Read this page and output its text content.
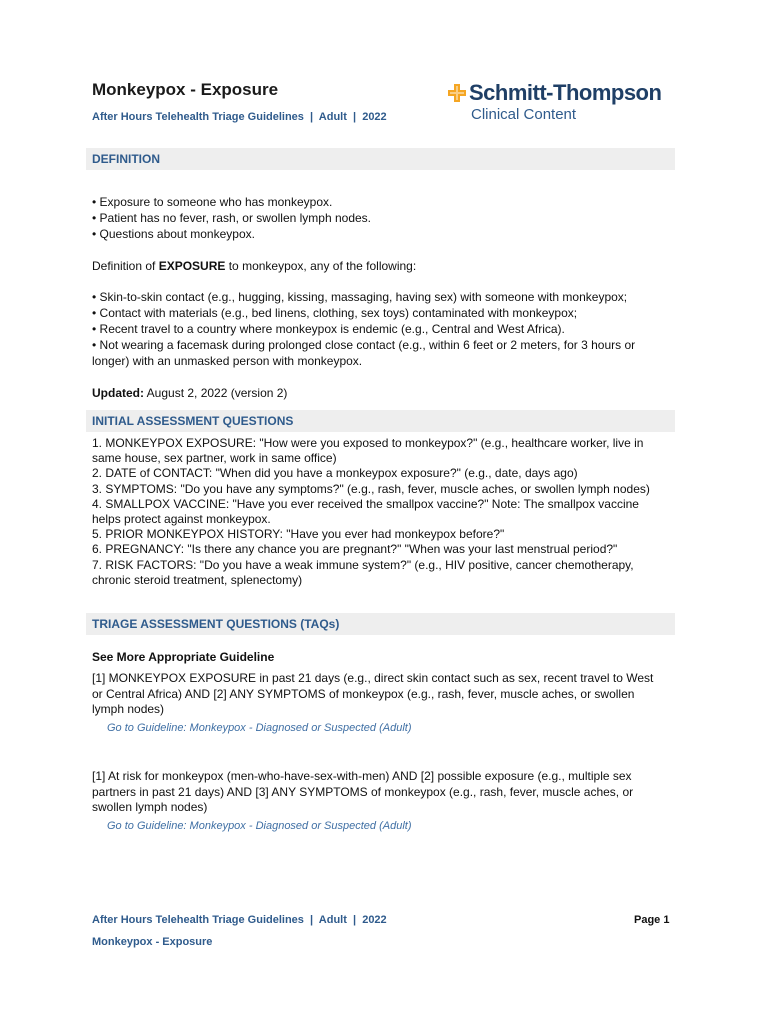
Monkeypox - Exposure
After Hours Telehealth Triage Guidelines  |  Adult  |  2022
Schmitt-Thompson
Clinical Content
DEFINITION
• Exposure to someone who has monkeypox.
• Patient has no fever, rash, or swollen lymph nodes.
• Questions about monkeypox.
Definition of EXPOSURE to monkeypox, any of the following:
• Skin-to-skin contact (e.g., hugging, kissing, massaging, having sex) with someone with monkeypox;
• Contact with materials (e.g., bed linens, clothing, sex toys) contaminated with monkeypox;
• Recent travel to a country where monkeypox is endemic (e.g., Central and West Africa).
• Not wearing a facemask during prolonged close contact (e.g., within 6 feet or 2 meters, for 3 hours or longer) with an unmasked person with monkeypox.
Updated: August 2, 2022 (version 2)
INITIAL ASSESSMENT QUESTIONS
1. MONKEYPOX EXPOSURE: "How were you exposed to monkeypox?" (e.g., healthcare worker, live in same house, sex partner, work in same office)
2. DATE of CONTACT: "When did you have a monkeypox exposure?" (e.g., date, days ago)
3. SYMPTOMS: "Do you have any symptoms?" (e.g., rash, fever, muscle aches, or swollen lymph nodes)
4. SMALLPOX VACCINE: "Have you ever received the smallpox vaccine?" Note: The smallpox vaccine helps protect against monkeypox.
5. PRIOR MONKEYPOX HISTORY: "Have you ever had monkeypox before?"
6. PREGNANCY: "Is there any chance you are pregnant?" "When was your last menstrual period?"
7. RISK FACTORS: "Do you have a weak immune system?" (e.g., HIV positive, cancer chemotherapy, chronic steroid treatment, splenectomy)
TRIAGE ASSESSMENT QUESTIONS (TAQs)
See More Appropriate Guideline
[1] MONKEYPOX EXPOSURE in past 21 days (e.g., direct skin contact such as sex, recent travel to West or Central Africa) AND [2] ANY SYMPTOMS of monkeypox (e.g., rash, fever, muscle aches, or swollen lymph nodes)
Go to Guideline: Monkeypox - Diagnosed or Suspected (Adult)
[1] At risk for monkeypox (men-who-have-sex-with-men) AND [2] possible exposure (e.g., multiple sex partners in past 21 days) AND [3] ANY SYMPTOMS of monkeypox (e.g., rash, fever, muscle aches, or swollen lymph nodes)
Go to Guideline: Monkeypox - Diagnosed or Suspected (Adult)
After Hours Telehealth Triage Guidelines  |  Adult  |  2022	Page 1
Monkeypox - Exposure
